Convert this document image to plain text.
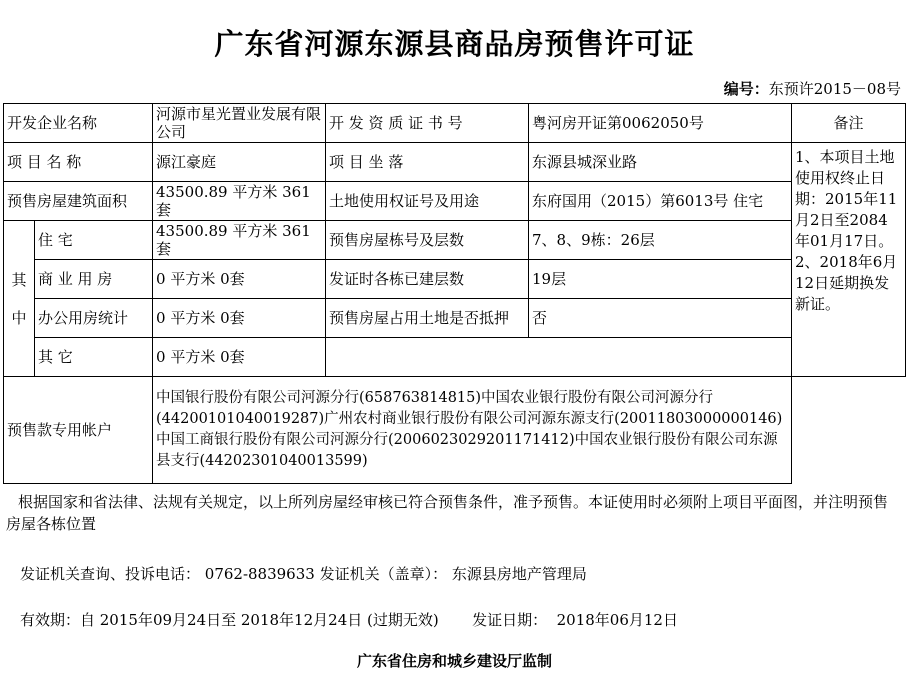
广东省河源东源县商品房预售许可证
编号：东预许2015－08号
开发企业名称		河源市星光置业发展有限公司	开 发 资 质 证 书 号	粤河房开证第0062050号	备注
项 目 名 称		源江豪庭	项 目 坐 落	东源县城深业路	1、本项目土地使用权终止日期：2015年11月2日至2084年01月17日。2、2018年6月12日延期换发新证。
预售房屋建筑面积		43500.89 平方米 361套	土地使用权证号及用途	东府国用（2015）第6013号 住宅	
其
中	住 宅	43500.89 平方米 361套	预售房屋栋号及层数	7、8、9栋：26层	
	商 业 用 房	0 平方米 0套	发证时各栋已建层数	19层	
	办公用房统计	0 平方米 0套	预售房屋占用土地是否抵押	否	
	其 它	0 平方米 0套			
预售款专用帐户		中国银行股份有限公司河源分行(658763814815)中国农业银行股份有限公司河源分行(44200101040019287)广州农村商业银行股份有限公司河源东源支行(20011803000000146)中国工商银行股份有限公司河源分行(2006023029201171412)中国农业银行股份有限公司东源县支行(44202301040013599)			
根据国家和省法律、法规有关规定，以上所列房屋经审核已符合预售条件，准予预售。本证使用时必须附上项目平面图，并注明预售房屋各栋位置
发证机关查询、投诉电话： 0762-8839633 发证机关（盖章）： 东源县房地产管理局
有效期：自 2015年09月24日至 2018年12月24日 (过期无效)       发证日期：  2018年06月12日
广东省住房和城乡建设厅监制
